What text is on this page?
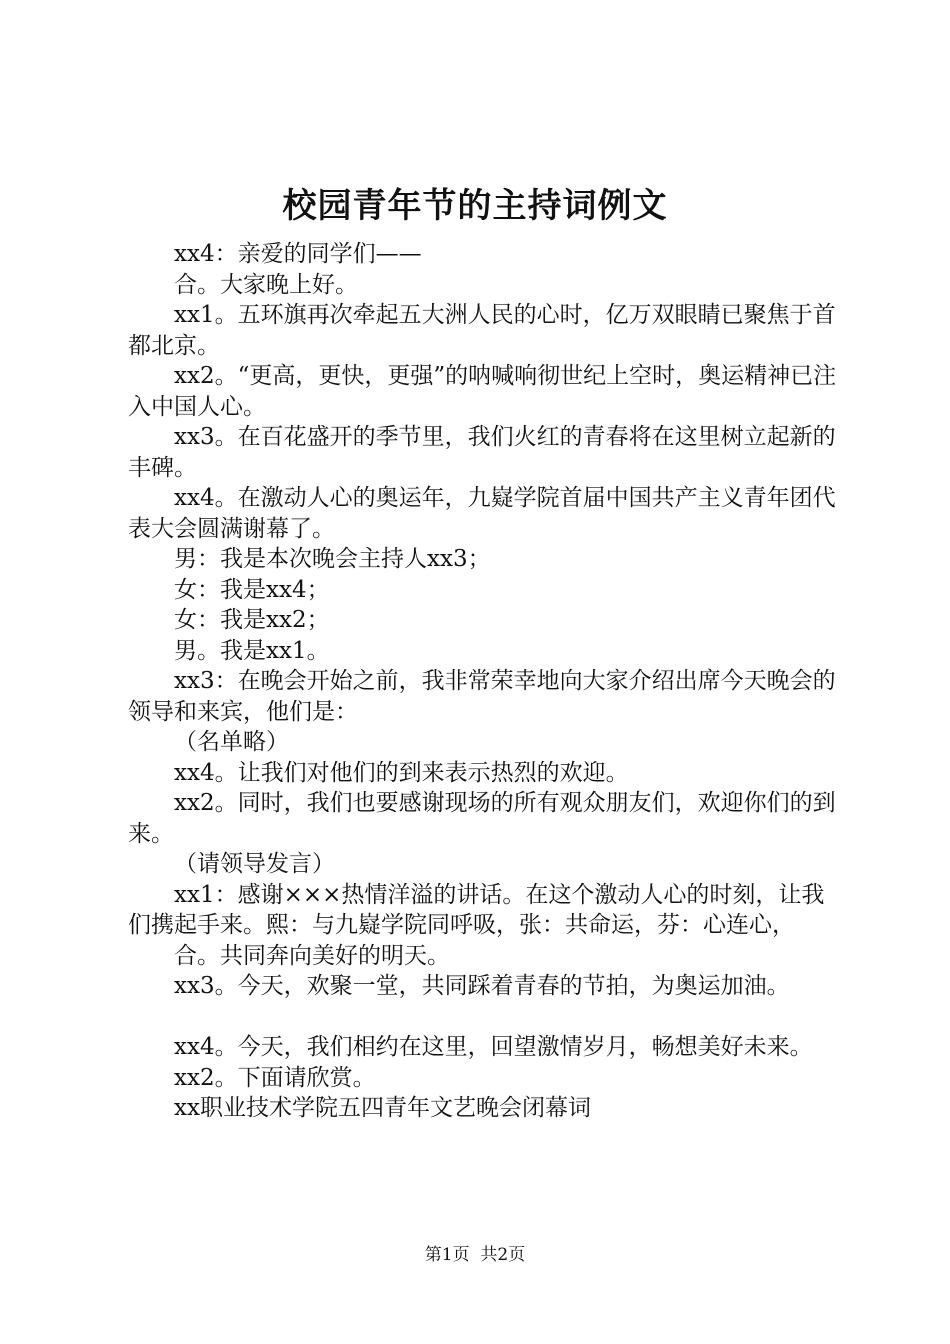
校园青年节的主持词例文

xx4：亲爱的同学们——

合。大家晚上好。

xx1。五环旗再次牵起五大洲人民的心时，亿万双眼睛已聚焦于首都北京。

xx2。“更高，更快，更强”的呐喊响彻世纪上空时，奥运精神已注入中国人心。

xx3。在百花盛开的季节里，我们火红的青春将在这里树立起新的丰碑。

xx4。在激动人心的奥运年，九嶷学院首届中国共产主义青年团代表大会圆满谢幕了。

男：我是本次晚会主持人xx3；

女：我是xx4；

女：我是xx2；

男。我是xx1。

xx3：在晚会开始之前，我非常荣幸地向大家介绍出席今天晚会的领导和来宾，他们是：

（名单略）

xx4。让我们对他们的到来表示热烈的欢迎。

xx2。同时，我们也要感谢现场的所有观众朋友们，欢迎你们的到来。

（请领导发言）

xx1：感谢×××热情洋溢的讲话。在这个激动人心的时刻，让我们携起手来。熙：与九嶷学院同呼吸，张：共命运，芬：心连心，

合。共同奔向美好的明天。

xx3。今天，欢聚一堂，共同踩着青春的节拍，为奥运加油。

xx4。今天，我们相约在这里，回望激情岁月，畅想美好未来。

xx2。下面请欣赏。

xx职业技术学院五四青年文艺晚会闭幕词

第1页 共2页
